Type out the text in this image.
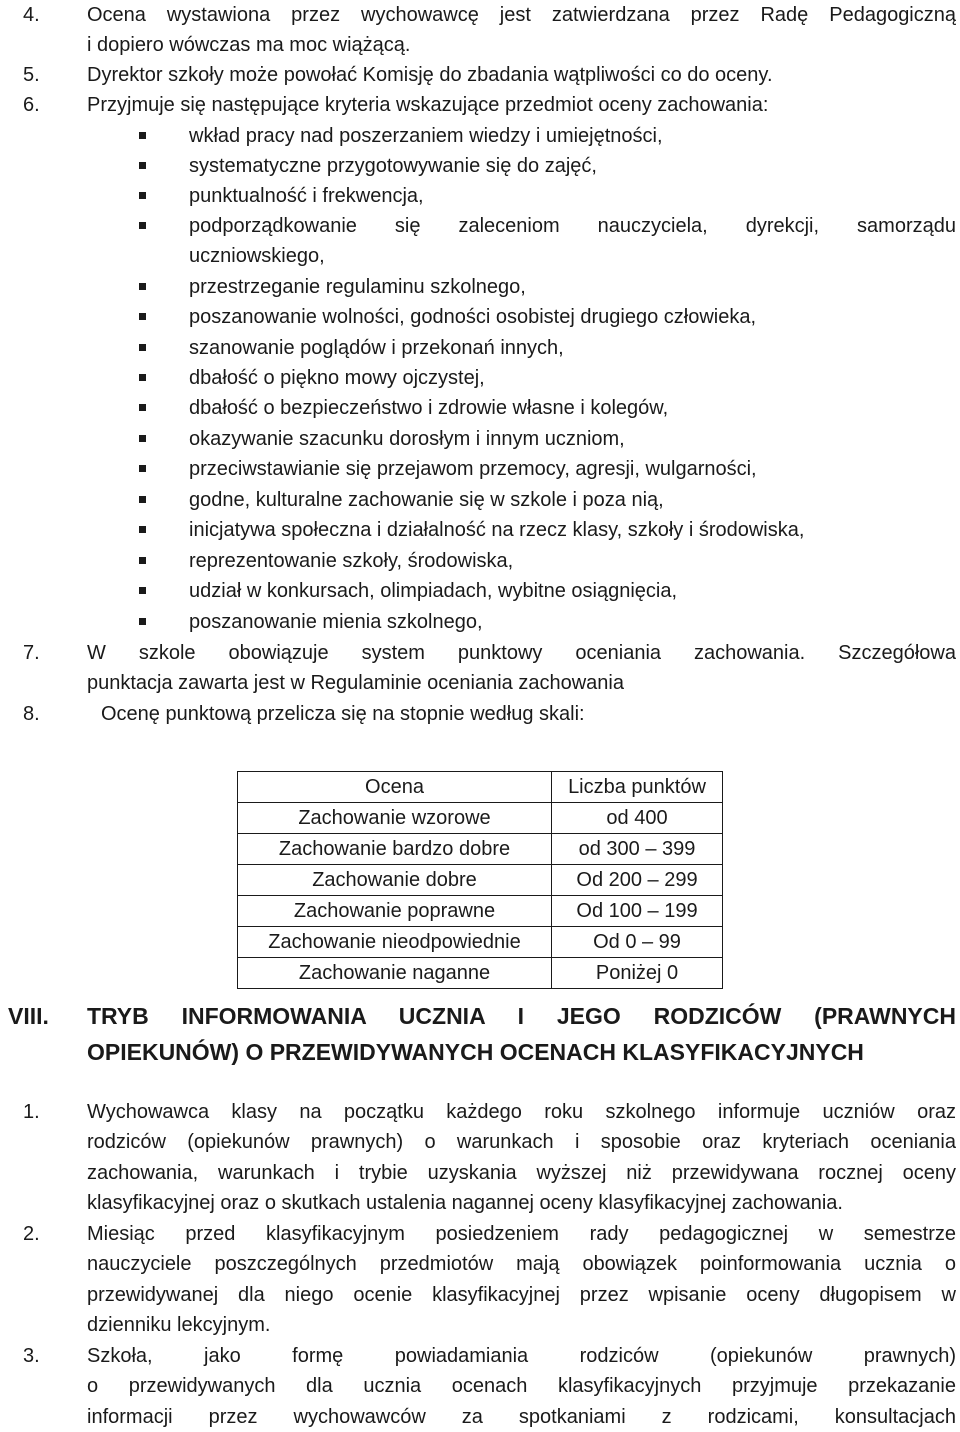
4. Ocena wystawiona przez wychowawcę jest zatwierdzana przez Radę Pedagogiczną
i dopiero wówczas ma moc wiążącą.
5. Dyrektor szkoły może powołać Komisję do zbadania wątpliwości co do oceny.
6. Przyjmuje się następujące kryteria wskazujące przedmiot oceny zachowania:
wkład pracy nad poszerzaniem wiedzy i umiejętności,
systematyczne przygotowywanie się do zajęć,
punktualność i frekwencja,
podporządkowanie się zaleceniom nauczyciela, dyrekcji, samorządu
uczniowskiego,
przestrzeganie regulaminu szkolnego,
poszanowanie wolności, godności osobistej drugiego człowieka,
szanowanie poglądów i przekonań innych,
dbałość o piękno mowy ojczystej,
dbałość o bezpieczeństwo i zdrowie własne i kolegów,
okazywanie szacunku dorosłym i innym uczniom,
przeciwstawianie się przejawom przemocy, agresji, wulgarności,
godne, kulturalne zachowanie się w szkole i poza nią,
inicjatywa społeczna i działalność na rzecz klasy, szkoły i środowiska,
reprezentowanie szkoły, środowiska,
udział w konkursach, olimpiadach, wybitne osiągnięcia,
poszanowanie mienia szkolnego,
7. W szkole obowiązuje system punktowy oceniania zachowania. Szczegółowa
punktacja zawarta jest w Regulaminie oceniania zachowania
8.	Ocenę punktową przelicza się na stopnie według skali:
Ocena	Liczba punktów
Zachowanie wzorowe	od 400
Zachowanie bardzo dobre	od 300 – 399
Zachowanie dobre	Od 200 – 299
Zachowanie poprawne	Od 100 – 199
Zachowanie nieodpowiednie	Od 0 – 99
Zachowanie naganne	Poniżej 0
VIII. TRYB INFORMOWANIA UCZNIA I JEGO RODZICÓW (PRAWNYCH
OPIEKUNÓW) O PRZEWIDYWANYCH OCENACH KLASYFIKACYJNYCH
1. Wychowawca klasy na początku każdego roku szkolnego informuje uczniów oraz
rodziców (opiekunów prawnych) o warunkach i sposobie oraz kryteriach oceniania
zachowania, warunkach i trybie uzyskania wyższej niż przewidywana rocznej oceny
klasyfikacyjnej oraz o skutkach ustalenia nagannej oceny klasyfikacyjnej zachowania.
2. Miesiąc przed klasyfikacyjnym posiedzeniem rady pedagogicznej w semestrze
nauczyciele poszczególnych przedmiotów mają obowiązek poinformowania ucznia o
przewidywanej dla niego ocenie klasyfikacyjnej przez wpisanie oceny długopisem w
dzienniku lekcyjnym.
3. Szkoła, jako formę powiadamiania rodziców (opiekunów prawnych)
o przewidywanych dla ucznia ocenach klasyfikacyjnych przyjmuje przekazanie
informacji przez wychowawców za spotkaniami z rodzicami, konsultacjach
